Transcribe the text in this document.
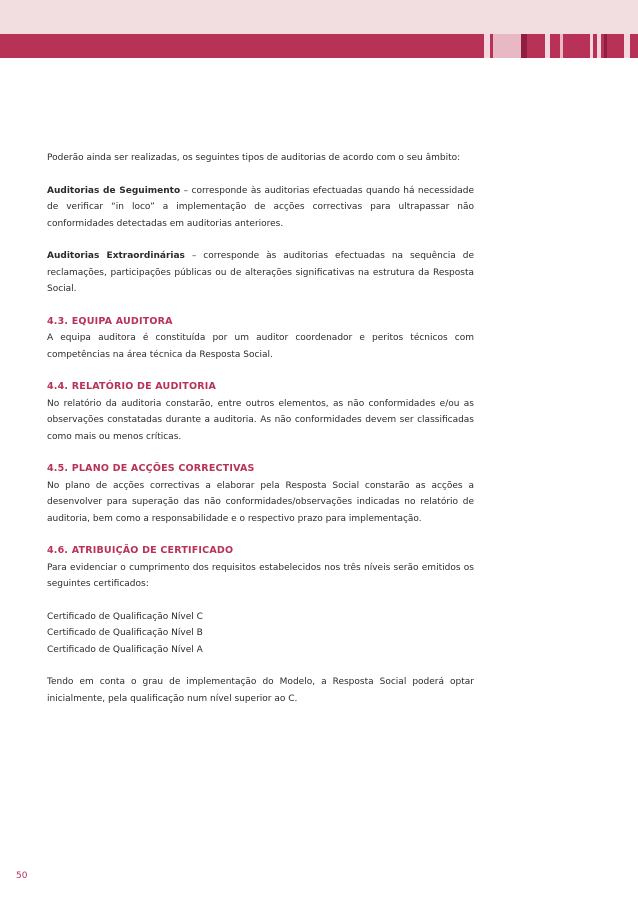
Poderão ainda ser realizadas, os seguintes tipos de auditorias de acordo com o seu âmbito:

Auditorias de Seguimento – corresponde às auditorias efectuadas quando há necessidade de verificar “in loco” a implementação de acções correctivas para ultrapassar não conformidades detectadas em auditorias anteriores.

Auditorias Extraordinárias – corresponde às auditorias efectuadas na sequência de reclamações, participações públicas ou de alterações significativas na estrutura da Resposta Social.

4.3. EQUIPA AUDITORA

A equipa auditora é constituída por um auditor coordenador e peritos técnicos com competências na área técnica da Resposta Social.

4.4. RELATÓRIO DE AUDITORIA

No relatório da auditoria constarão, entre outros elementos, as não conformidades e/ou as observações constatadas durante a auditoria. As não conformidades devem ser classificadas como mais ou menos críticas.

4.5. PLANO DE ACÇÕES CORRECTIVAS

No plano de acções correctivas a elaborar pela Resposta Social constarão as acções a desenvolver para superação das não conformidades/observações indicadas no relatório de auditoria, bem como a responsabilidade e o respectivo prazo para implementação.

4.6. ATRIBUIÇÃO DE CERTIFICADO

Para evidenciar o cumprimento dos requisitos estabelecidos nos três níveis serão emitidos os seguintes certificados:

Certificado de Qualificação Nível C

Certificado de Qualificação Nível B

Certificado de Qualificação Nível A

Tendo em conta o grau de implementação do Modelo, a Resposta Social poderá optar inicialmente, pela qualificação num nível superior ao C.

50
